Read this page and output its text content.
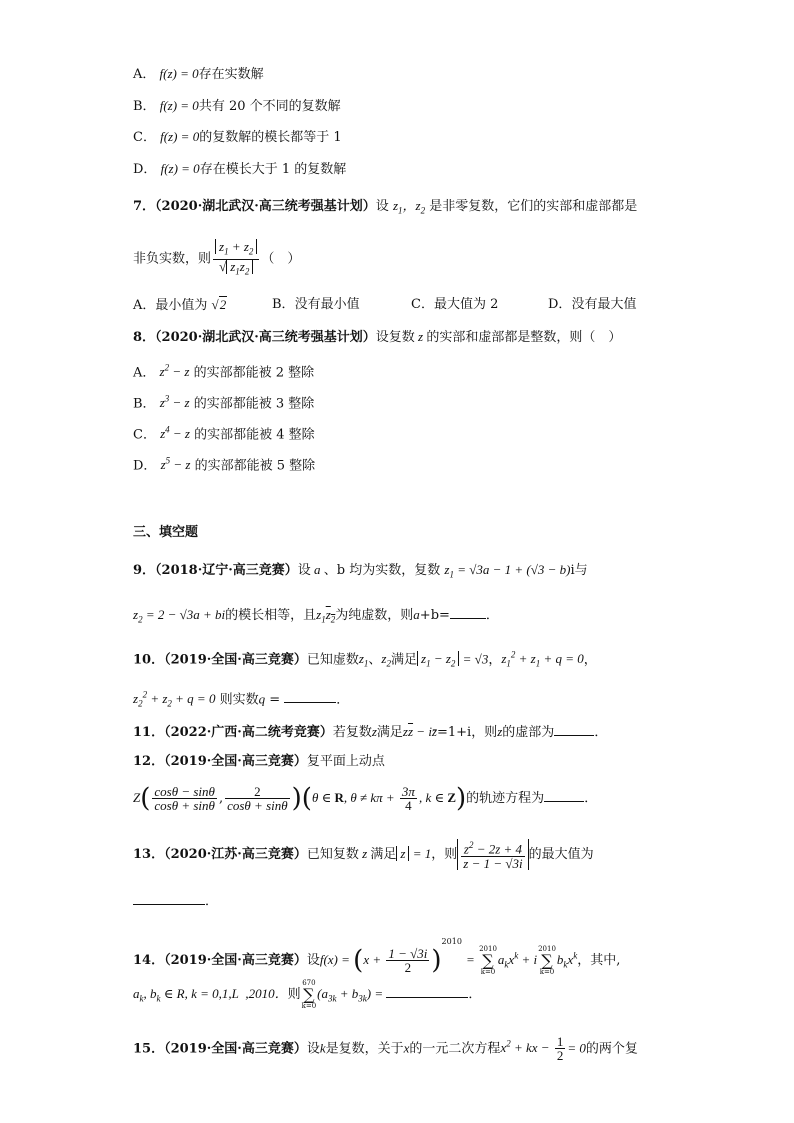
A． f(z) = 0存在实数解
B． f(z) = 0共有 20 个不同的复数解
C． f(z) = 0的复数解的模长都等于 1
D． f(z) = 0存在模长大于 1 的复数解
7．（2020·湖北武汉·高三统考强基计划）设 $z_1$，$z_2$ 是非零复数，它们的实部和虚部都是
非负实数，则 $\frac{z_1 + z_2}{√ z_1z_2}$ （　）
A．最小值为 √2	B．没有最小值	C．最大值为 2	D．没有最大值
8．（2020·湖北武汉·高三统考强基计划）设复数 z 的实部和虚部都是整数，则（　）
A． $z^2 - z$ 的实部都能被 2 整除
B． $z^3 - z$ 的实部都能被 3 整除
C． $z^4 - z$ 的实部都能被 4 整除
D． $z^5 - z$ 的实部都能被 5 整除
三、填空题
9．（2018·辽宁·高三竞赛）设 a 、b 均为实数，复数 $z_1 = √3a - 1 + (√3 - b)i$与
$z_2 = 2 - √3a$ + bi的模长相等，且$z_1z_2$为纯虚数，则a+b=	．
10．（2019·全国·高三竞赛）已知虚数$z_1$、$z_2$满足 $z_1 - z_2 = √3$，$z_1^2 + z_1 + q = 0$，
$z_2^2 + z_2 + q = 0$ 则实数q =	．
11．（2022·广西·高二统考竞赛）若复数z满足$z\overline{z}$ − iz̄=1+i，则z的虚部为	．
12．（2019·全国·高三竞赛）复平面上动点
$Z( \frac{\cos\theta - \sin\theta}{\cos\theta + \sin\theta}$ , $\frac{2}{\cos\theta + \sin\theta} )(\theta$ ∈ R, $\theta \ne k\pi + \frac{3\pi}{4}$ , k ∈ Z)的轨迹方程为	．
13．（2020·江苏·高三竞赛）已知复数 z 满足 z = 1，则 $\frac{z^2 - 2z + 4}{z - 1 - √3i}$ 的最大值为
．
14．（2019·全国·高三竞赛）设$f(x) = (x + \frac{1 - √3i}{2} )^{2010}$ =
2010
∑
k=0
$a_kx^k + i$
2010
∑
k=0
$b_kx^k$，其中,
$a_k$, $b_k$ ∈ R, k = 0,1,L  ,2010．则
670
∑
k=0
$(a_{3k} + b_{3k})$ =	．
15．（2019·全国·高三竞赛）设k是复数，关于x的一元二次方程$x^2$ + kx − $\frac{1}{2} = 0$的两个复
